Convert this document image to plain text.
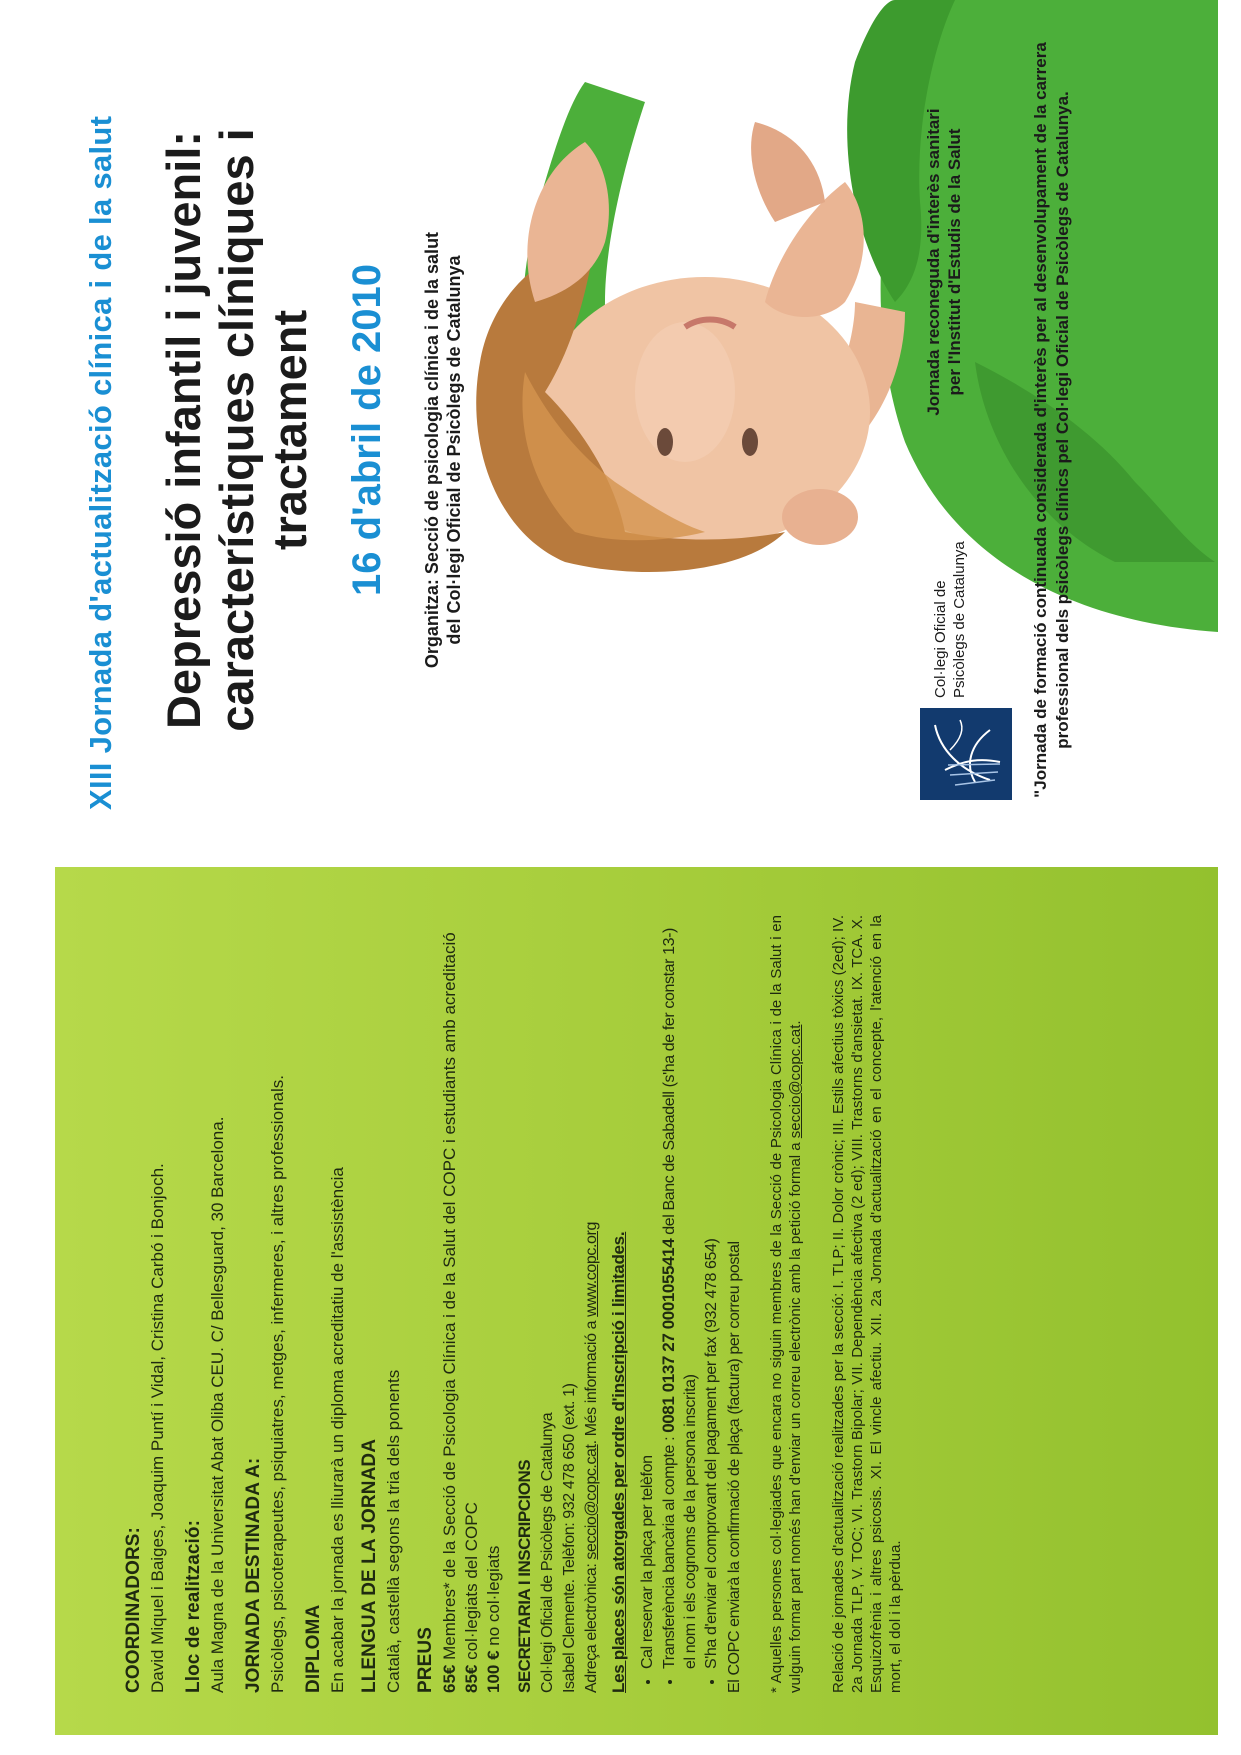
COORDINADORS: David Miquel i Baiges, Joaquim Puntí i Vidal, Cristina Carbó i Bonjoch. Lloc de realització: Aula Magna de la Universitat Abat Oliba CEU. C/ Bellesguard, 30 Barcelona. JORNADA DESTINADA A: Psicòlegs, psicoterapeutes, psiquiatres, metges, infermeres, i altres professionals. DIPLOMA En acabar la jornada es lliurarà un diploma acreditatiu de l'assistència LLENGUA DE LA JORNADA Català, castellà segons la tria dels ponents PREUS 65€ Membres* de la Secció de Psicologia Clínica i de la Salut del COPC i estudiants amb acreditació
85€ col·legiats del COPC
100 € no col·legiats SECRETARIA I INSCRIPCIONS Col·legi Oficial de Psicòlegs de Catalunya Isabel Clemente. Telèfon: 932 478 650 (ext. 1) Adreça electrònica: seccio@copc.cat. Més informació a www.copc.org Les places són atorgades per ordre d'inscripció i limitades. • Cal reservar la plaça per telèfon • Transferència bancària al compte : 0081 0137 27 0001055414 del Banc de Sabadell (s'ha de fer constar 13-) el nom i els cognoms de la persona inscrita) • S'ha d'enviar el comprovant del pagament per fax (932 478 654) El COPC enviarà la confirmació de plaça (factura) per correu postal * Aquelles persones col·legiades que encara no siguin membres de la Secció de Psicologia Clínica i de la Salut i en vulguin formar part només han d'enviar un correu electrònic amb la petició formal a seccio@copc.cat. Relació de jornades d'actualització realitzades per la secció: I. TLP; II. Dolor crònic; III. Estils afectius tòxics (2ed); IV. 2a Jornada TLP, V. TOC; VI. Trastorn Bipolar; VII. Dependència afectiva (2 ed); VIII. Trastorns d'ansietat. IX. TCA. X. Esquizofrènia i altres psicosis. XI. El vincle afectiu. XII. 2a Jornada d'actualització en el concepte, l'atenció en la mort, el dol i la pèrdua.
XIII Jornada d'actualització clínica i de la salut Depressió infantil i juvenil: característiques clíniques i tractament 16 d'abril de 2010 Organitza: Secció de psicologia clínica i de la salut del Col·legi Oficial de Psicòlegs de Catalunya	Col·legi Oficial de Psicòlegs de Catalunya
Jornada reconeguda d'interès sanitari per l'Institut d'Estudis de la Salut	"Jornada de formació continuada considerada d'interès per al desenvolupament de la carrera professional dels psicòlegs clínics pel Col·legi Oficial de Psicòlegs de Catalunya.
